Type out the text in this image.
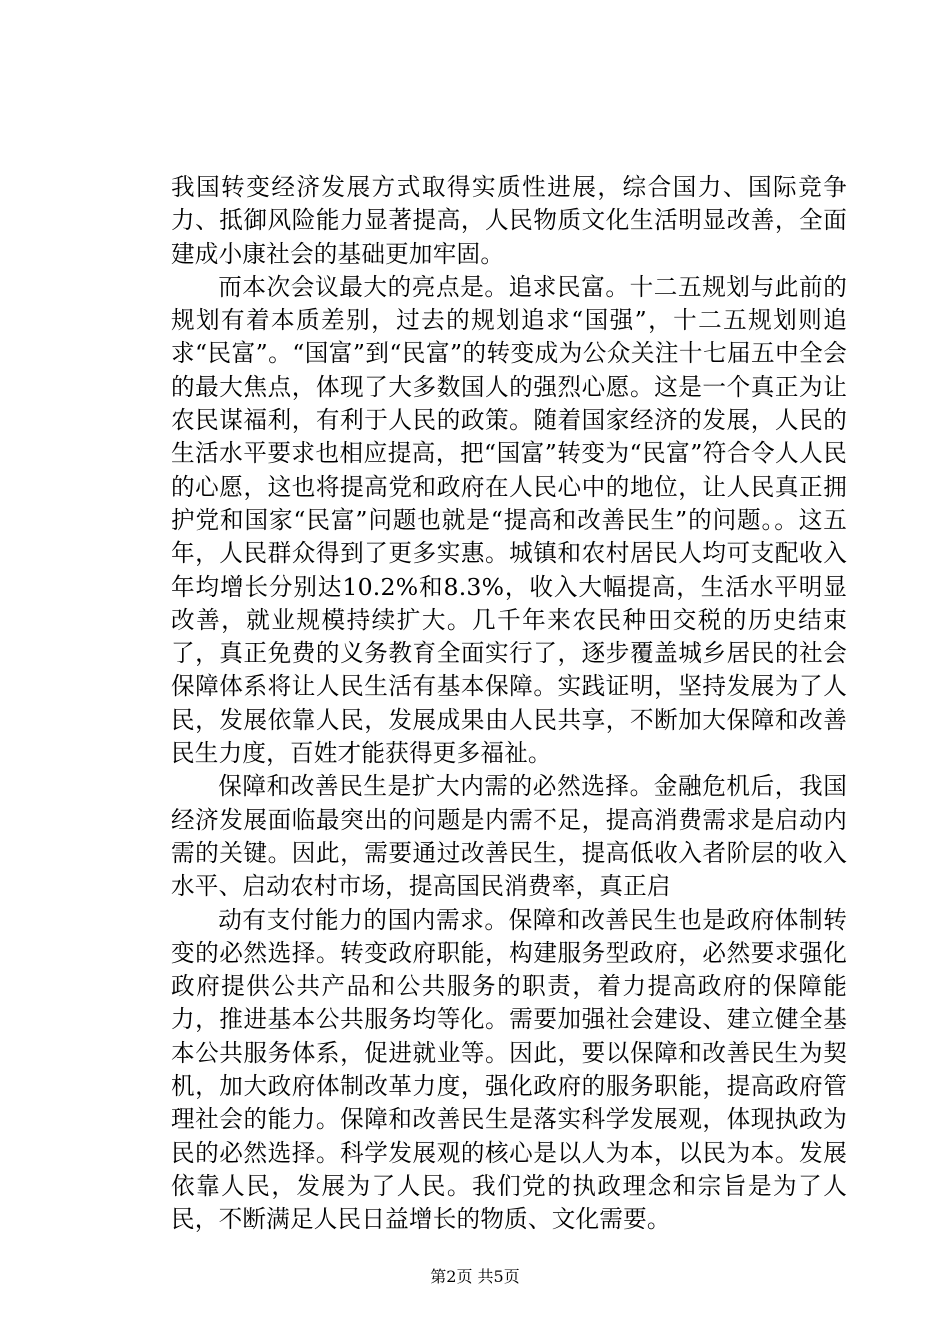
我国转变经济发展方式取得实质性进展，综合国力、国际竞争力、抵御风险能力显著提高，人民物质文化生活明显改善，全面建成小康社会的基础更加牢固。

而本次会议最大的亮点是。追求民富。十二五规划与此前的规划有着本质差别，过去的规划追求“国强”，十二五规划则追求“民富”。“国富”到“民富”的转变成为公众关注十七届五中全会的最大焦点，体现了大多数国人的强烈心愿。这是一个真正为让农民谋福利，有利于人民的政策。随着国家经济的发展，人民的生活水平要求也相应提高，把“国富”转变为“民富”符合令人人民的心愿，这也将提高党和政府在人民心中的地位，让人民真正拥护党和国家“民富”问题也就是“提高和改善民生”的问题。。这五年，人民群众得到了更多实惠。城镇和农村居民人均可支配收入年均增长分别达10.2%和8.3%，收入大幅提高，生活水平明显改善，就业规模持续扩大。几千年来农民种田交税的历史结束了，真正免费的义务教育全面实行了，逐步覆盖城乡居民的社会保障体系将让人民生活有基本保障。实践证明，坚持发展为了人民，发展依靠人民，发展成果由人民共享，不断加大保障和改善民生力度，百姓才能获得更多福祉。

保障和改善民生是扩大内需的必然选择。金融危机后，我国经济发展面临最突出的问题是内需不足，提高消费需求是启动内需的关键。因此，需要通过改善民生，提高低收入者阶层的收入水平、启动农村市场，提高国民消费率，真正启

动有支付能力的国内需求。保障和改善民生也是政府体制转变的必然选择。转变政府职能，构建服务型政府，必然要求强化政府提供公共产品和公共服务的职责，着力提高政府的保障能力，推进基本公共服务均等化。需要加强社会建设、建立健全基本公共服务体系，促进就业等。因此，要以保障和改善民生为契机，加大政府体制改革力度，强化政府的服务职能，提高政府管理社会的能力。保障和改善民生是落实科学发展观，体现执政为民的必然选择。科学发展观的核心是以人为本，以民为本。发展依靠人民，发展为了人民。我们党的执政理念和宗旨是为了人民，不断满足人民日益增长的物质、文化需要。

第2页 共5页
